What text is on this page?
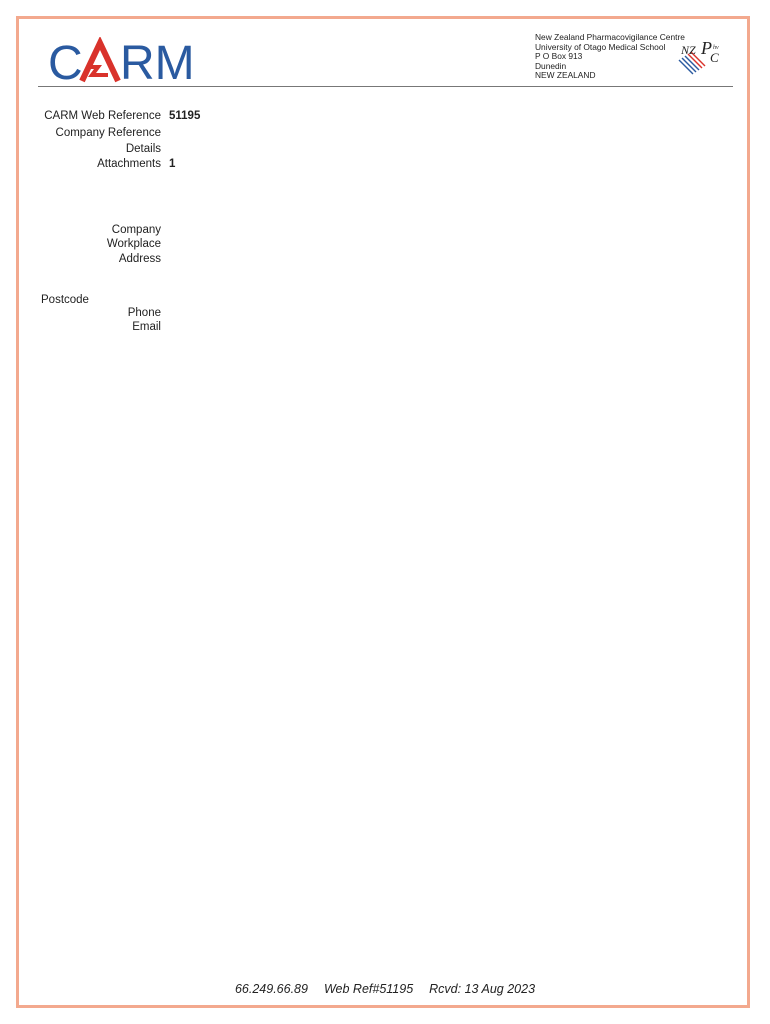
C RM	New Zealand Pharmacovigilance Centre
University of Otago Medical School
P O Box 913
Dunedin
NEW ZEALAND
NZ P hv
C
CARM Web Reference 51195
Company Reference
Details
Attachments 1
Company
Workplace
Address
Postcode
Phone
Email
66.249.66.89 Web Ref#51195 Rcvd: 13 Aug 2023
